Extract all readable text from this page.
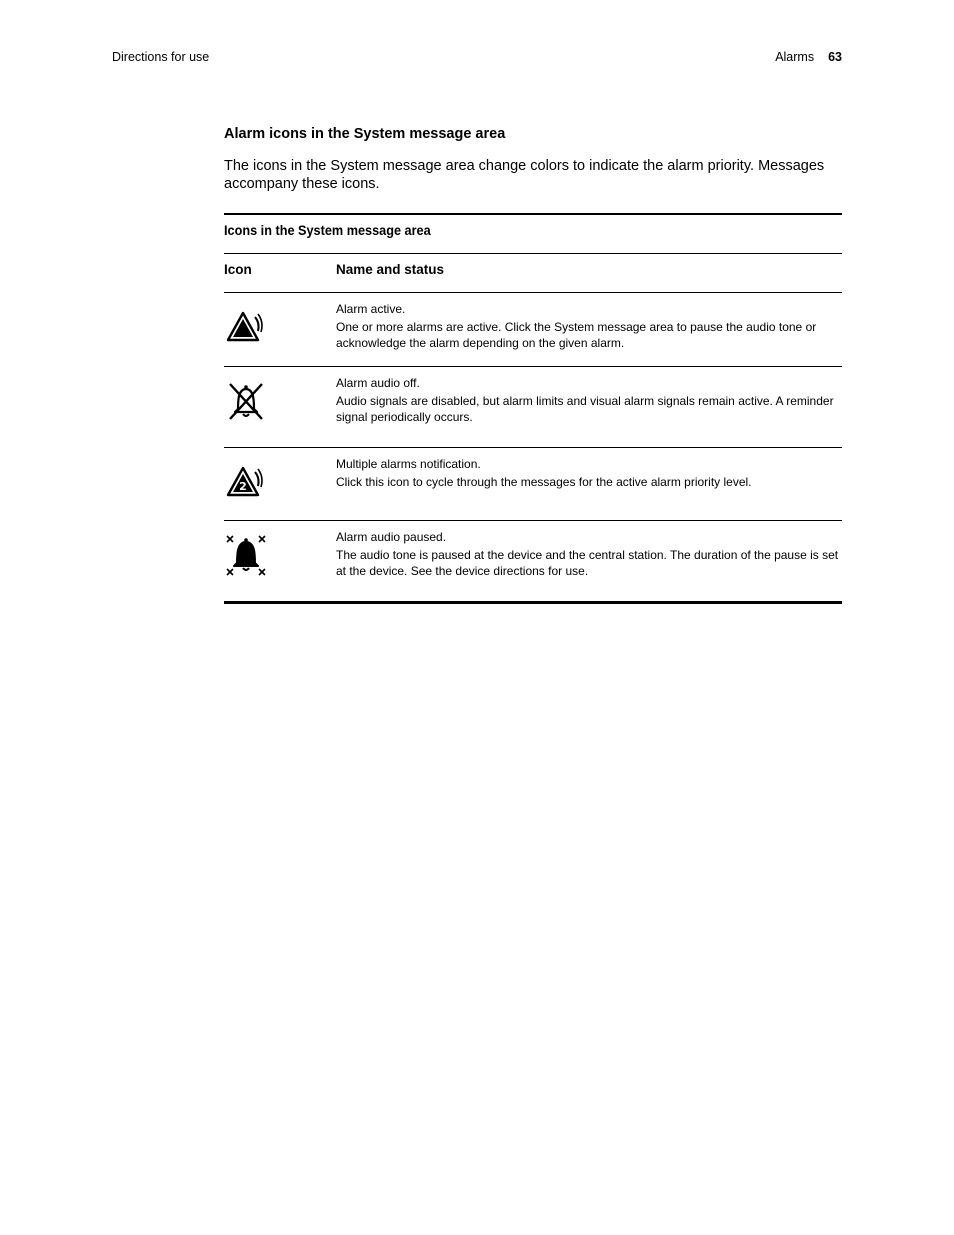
Directions for use	Alarms 63
Alarm icons in the System message area
The icons in the System message area change colors to indicate the alarm priority. Messages accompany these icons.
Icons in the System message area
Icon	Name and status
Alarm active.
One or more alarms are active. Click the System message area to pause the audio tone or acknowledge the alarm depending on the given alarm.
Alarm audio off.
Audio signals are disabled, but alarm limits and visual alarm signals remain active. A reminder signal periodically occurs.
2
Multiple alarms notification.
Click this icon to cycle through the messages for the active alarm priority level.
Alarm audio paused.
The audio tone is paused at the device and the central station. The duration of the pause is set at the device. See the device directions for use.
